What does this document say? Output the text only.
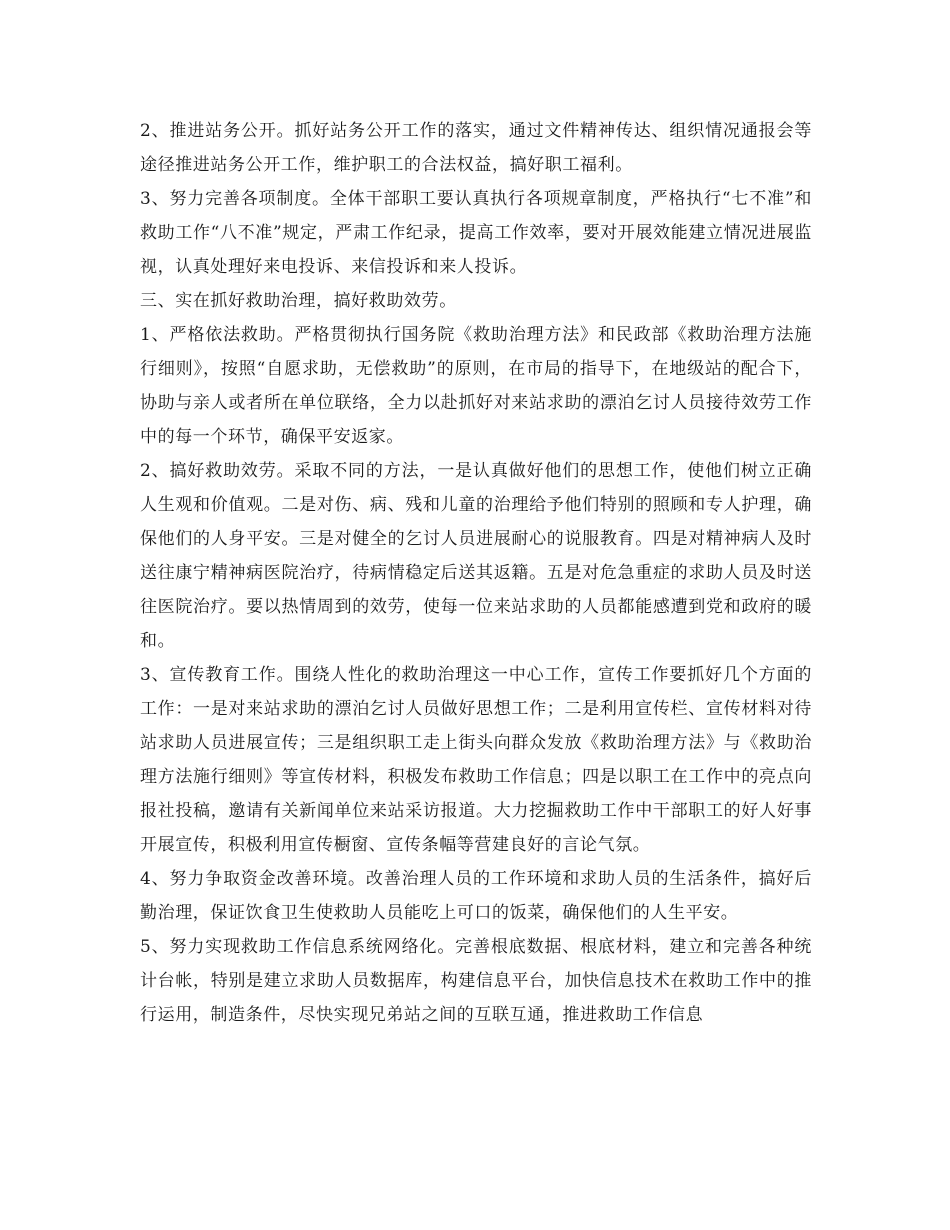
2、推进站务公开。抓好站务公开工作的落实，通过文件精神传达、组织情况通报会等途径推进站务公开工作，维护职工的合法权益，搞好职工福利。

3、努力完善各项制度。全体干部职工要认真执行各项规章制度，严格执行“七不准”和救助工作“八不准”规定，严肃工作纪录，提高工作效率，要对开展效能建立情况进展监视，认真处理好来电投诉、来信投诉和来人投诉。

三、实在抓好救助治理，搞好救助效劳。

1、严格依法救助。严格贯彻执行国务院《救助治理方法》和民政部《救助治理方法施行细则》，按照“自愿求助，无偿救助”的原则，在市局的指导下，在地级站的配合下，协助与亲人或者所在单位联络，全力以赴抓好对来站求助的漂泊乞讨人员接待效劳工作中的每一个环节，确保平安返家。

2、搞好救助效劳。采取不同的方法，一是认真做好他们的思想工作，使他们树立正确人生观和价值观。二是对伤、病、残和儿童的治理给予他们特别的照顾和专人护理，确保他们的人身平安。三是对健全的乞讨人员进展耐心的说服教育。四是对精神病人及时送往康宁精神病医院治疗，待病情稳定后送其返籍。五是对危急重症的求助人员及时送往医院治疗。要以热情周到的效劳，使每一位来站求助的人员都能感遭到党和政府的暖和。

3、宣传教育工作。围绕人性化的救助治理这一中心工作，宣传工作要抓好几个方面的工作：一是对来站求助的漂泊乞讨人员做好思想工作；二是利用宣传栏、宣传材料对待站求助人员进展宣传；三是组织职工走上街头向群众发放《救助治理方法》与《救助治理方法施行细则》等宣传材料，积极发布救助工作信息；四是以职工在工作中的亮点向报社投稿，邀请有关新闻单位来站采访报道。大力挖掘救助工作中干部职工的好人好事开展宣传，积极利用宣传橱窗、宣传条幅等营建良好的言论气氛。

4、努力争取资金改善环境。改善治理人员的工作环境和求助人员的生活条件，搞好后勤治理，保证饮食卫生使救助人员能吃上可口的饭菜，确保他们的人生平安。

5、努力实现救助工作信息系统网络化。完善根底数据、根底材料，建立和完善各种统计台帐，特别是建立求助人员数据库，构建信息平台，加快信息技术在救助工作中的推行运用，制造条件，尽快实现兄弟站之间的互联互通，推进救助工作信息
